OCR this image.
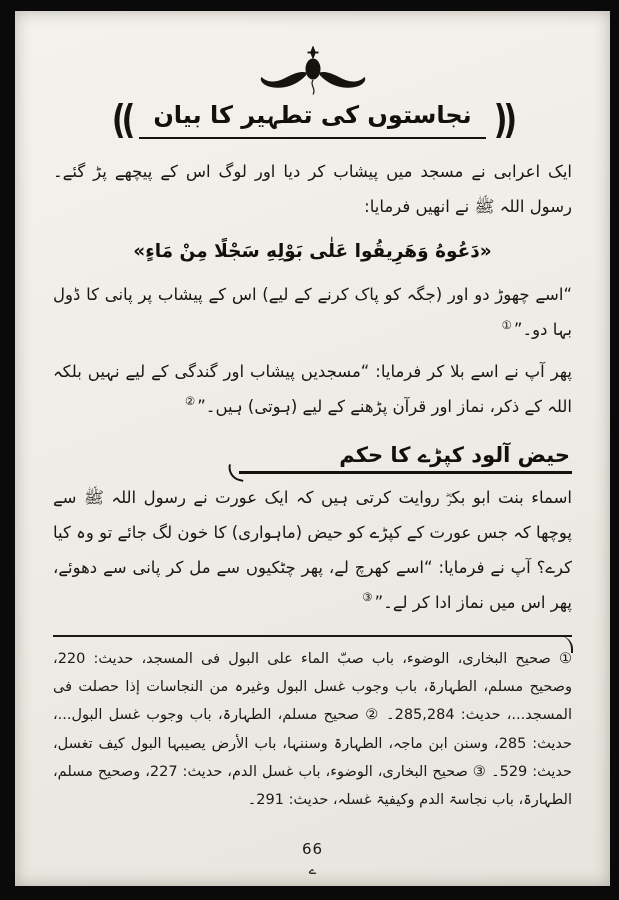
(( نجاستوں کی تطہیر کا بیان ))

ایک اعرابی نے مسجد میں پیشاب کر دیا اور لوگ اس کے پیچھے پڑ گئے۔ رسول اللہ ﷺ نے انھیں فرمایا:

«دَعُوهُ وَهَرِيقُوا عَلٰى بَوْلِهِ سَجْلًا مِنْ مَاءٍ»

“اسے چھوڑ دو اور (جگہ کو پاک کرنے کے لیے) اس کے پیشاب پر پانی کا ڈول بہا دو۔”①

پھر آپ نے اسے بلا کر فرمایا: “مسجدیں پیشاب اور گندگی کے لیے نہیں بلکہ اللہ کے ذکر، نماز اور قرآن پڑھنے کے لیے (ہوتی) ہیں۔”②

حیض آلود کپڑے کا حکم

اسماء بنت ابو بکرؓ روایت کرتی ہیں کہ ایک عورت نے رسول اللہ ﷺ سے پوچھا کہ جس عورت کے کپڑے کو حیض (ماہواری) کا خون لگ جائے تو وہ کیا کرے؟ آپ نے فرمایا: “اسے کھرچ لے، پھر چٹکیوں سے مل کر پانی سے دھوئے، پھر اس میں نماز ادا کر لے۔”③

① صحیح البخاری، الوضوء، باب صبّ الماء علی البول فی المسجد، حدیث: 220، وصحیح مسلم، الطہارۃ، باب وجوب غسل البول وغیرہ من النجاسات إذا حصلت فی المسجد...، حدیث: 285,284۔ ② صحیح مسلم، الطہارۃ، باب وجوب غسل البول...، حدیث: 285، وسنن ابن ماجہ، الطہارۃ وسننہا، باب الأرض یصیبہا البول کیف تغسل، حدیث: 529۔ ③ صحیح البخاری، الوضوء، باب غسل الدم، حدیث: 227، وصحیح مسلم، الطہارۃ، باب نجاسۃ الدم وکیفیۃ غسلہ، حدیث: 291۔
66
ے
